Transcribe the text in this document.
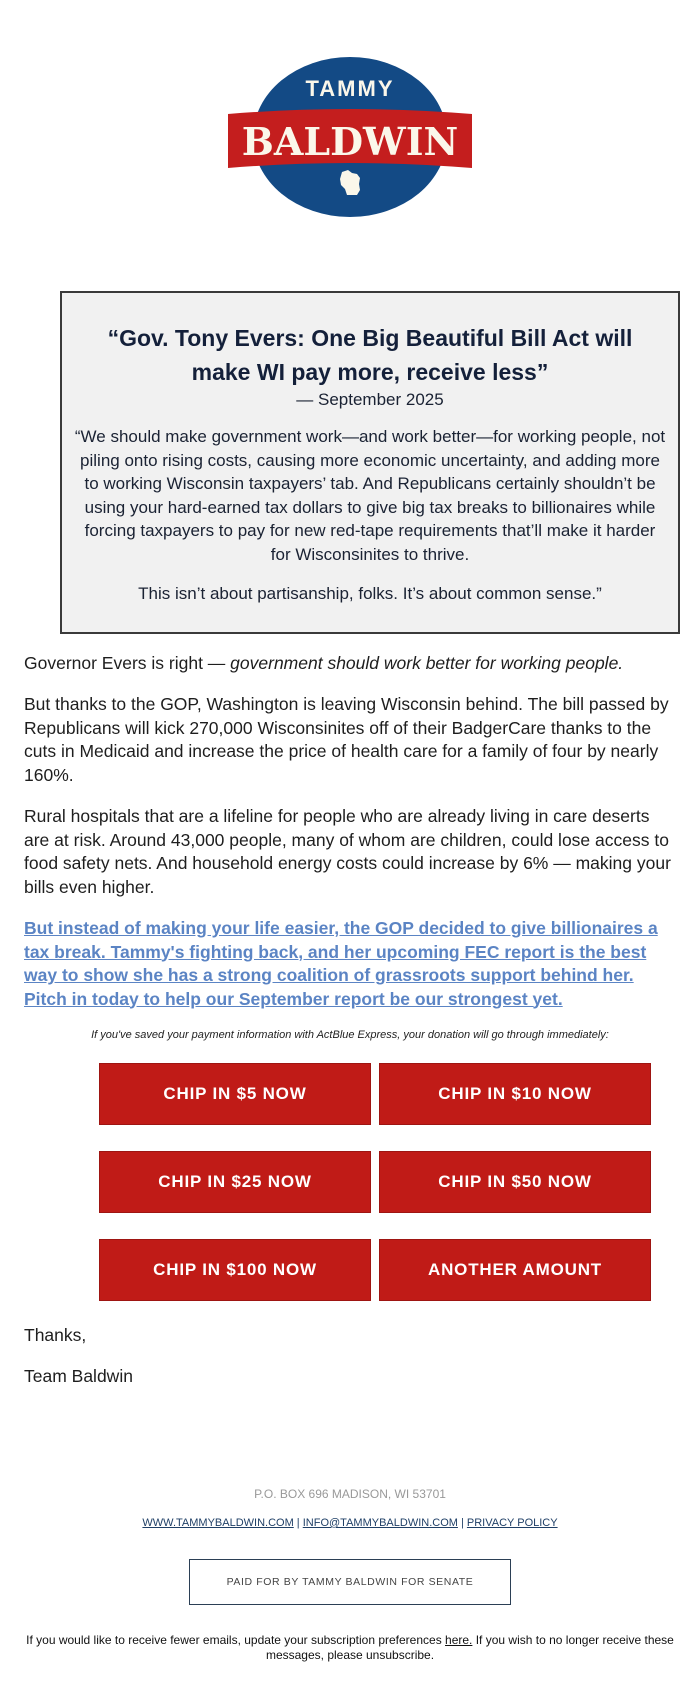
TAMMY
BALDWIN
“Gov. Tony Evers: One Big Beautiful Bill Act will make WI pay more, receive less”
— September 2025

“We should make government work—and work better—for working people, not piling onto rising costs, causing more economic uncertainty, and adding more to working Wisconsin taxpayers’ tab. And Republicans certainly shouldn’t be using your hard-earned tax dollars to give big tax breaks to billionaires while forcing taxpayers to pay for new red-tape requirements that’ll make it harder for Wisconsinites to thrive.

This isn’t about partisanship, folks. It’s about common sense.”

Governor Evers is right — government should work better for working people.

But thanks to the GOP, Washington is leaving Wisconsin behind. The bill passed by Republicans will kick 270,000 Wisconsinites off of their BadgerCare thanks to the cuts in Medicaid and increase the price of health care for a family of four by nearly 160%.

Rural hospitals that are a lifeline for people who are already living in care deserts are at risk. Around 43,000 people, many of whom are children, could lose access to food safety nets. And household energy costs could increase by 6% — making your bills even higher.

But instead of making your life easier, the GOP decided to give billionaires a tax break. Tammy's fighting back, and her upcoming FEC report is the best way to show she has a strong coalition of grassroots support behind her. Pitch in today to help our September report be our strongest yet.

If you've saved your payment information with ActBlue Express, your donation will go through immediately:
CHIP IN $5 NOW	CHIP IN $10 NOW
CHIP IN $25 NOW	CHIP IN $50 NOW
CHIP IN $100 NOW	ANOTHER AMOUNT
Thanks,
Team Baldwin
P.O. BOX 696 MADISON, WI 53701
WWW.TAMMYBALDWIN.COM | INFO@TAMMYBALDWIN.COM | PRIVACY POLICY
PAID FOR BY TAMMY BALDWIN FOR SENATE
If you would like to receive fewer emails, update your subscription preferences here. If you wish to no longer receive these messages, please unsubscribe.
